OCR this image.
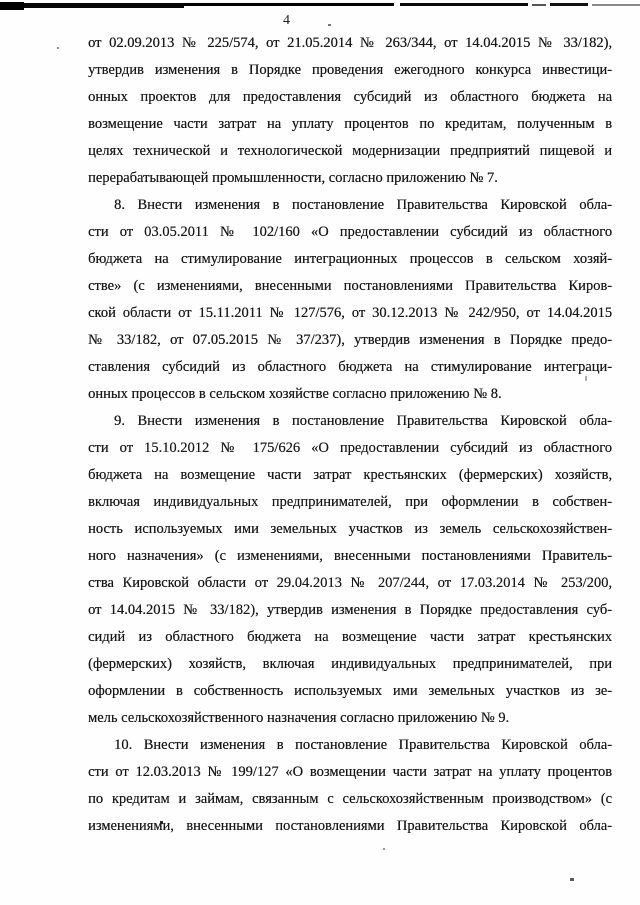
4
от 02.09.2013 № 225/574, от 21.05.2014 № 263/344, от 14.04.2015 № 33/182),
утвердив изменения в Порядке проведения ежегодного конкурса инвестици-
онных проектов для предоставления субсидий из областного бюджета на
возмещение части затрат на уплату процентов по кредитам, полученным в
целях технической и технологической модернизации предприятий пищевой и
перерабатывающей промышленности, согласно приложению № 7.
8. Внести изменения в постановление Правительства Кировской обла-
сти от 03.05.2011 № 102/160 «О предоставлении субсидий из областного
бюджета на стимулирование интеграционных процессов в сельском хозяй-
стве» (с изменениями, внесенными постановлениями Правительства Киров-
ской области от 15.11.2011 № 127/576, от 30.12.2013 № 242/950, от 14.04.2015
№ 33/182, от 07.05.2015 № 37/237), утвердив изменения в Порядке предо-
ставления субсидий из областного бюджета на стимулирование интеграци-
онных процессов в сельском хозяйстве согласно приложению № 8.
9. Внести изменения в постановление Правительства Кировской обла-
сти от 15.10.2012 № 175/626 «О предоставлении субсидий из областного
бюджета на возмещение части затрат крестьянских (фермерских) хозяйств,
включая индивидуальных предпринимателей, при оформлении в собствен-
ность используемых ими земельных участков из земель сельскохозяйствен-
ного назначения» (с изменениями, внесенными постановлениями Правитель-
ства Кировской области от 29.04.2013 № 207/244, от 17.03.2014 № 253/200,
от 14.04.2015 № 33/182), утвердив изменения в Порядке предоставления суб-
сидий из областного бюджета на возмещение части затрат крестьянских
(фермерских) хозяйств, включая индивидуальных предпринимателей, при
оформлении в собственность используемых ими земельных участков из зе-
мель сельскохозяйственного назначения согласно приложению № 9.
10. Внести изменения в постановление Правительства Кировской обла-
сти от 12.03.2013 № 199/127 «О возмещении части затрат на уплату процентов
по кредитам и займам, связанным с сельскохозяйственным производством» (с
изменениями, внесенными постановлениями Правительства Кировской обла-
